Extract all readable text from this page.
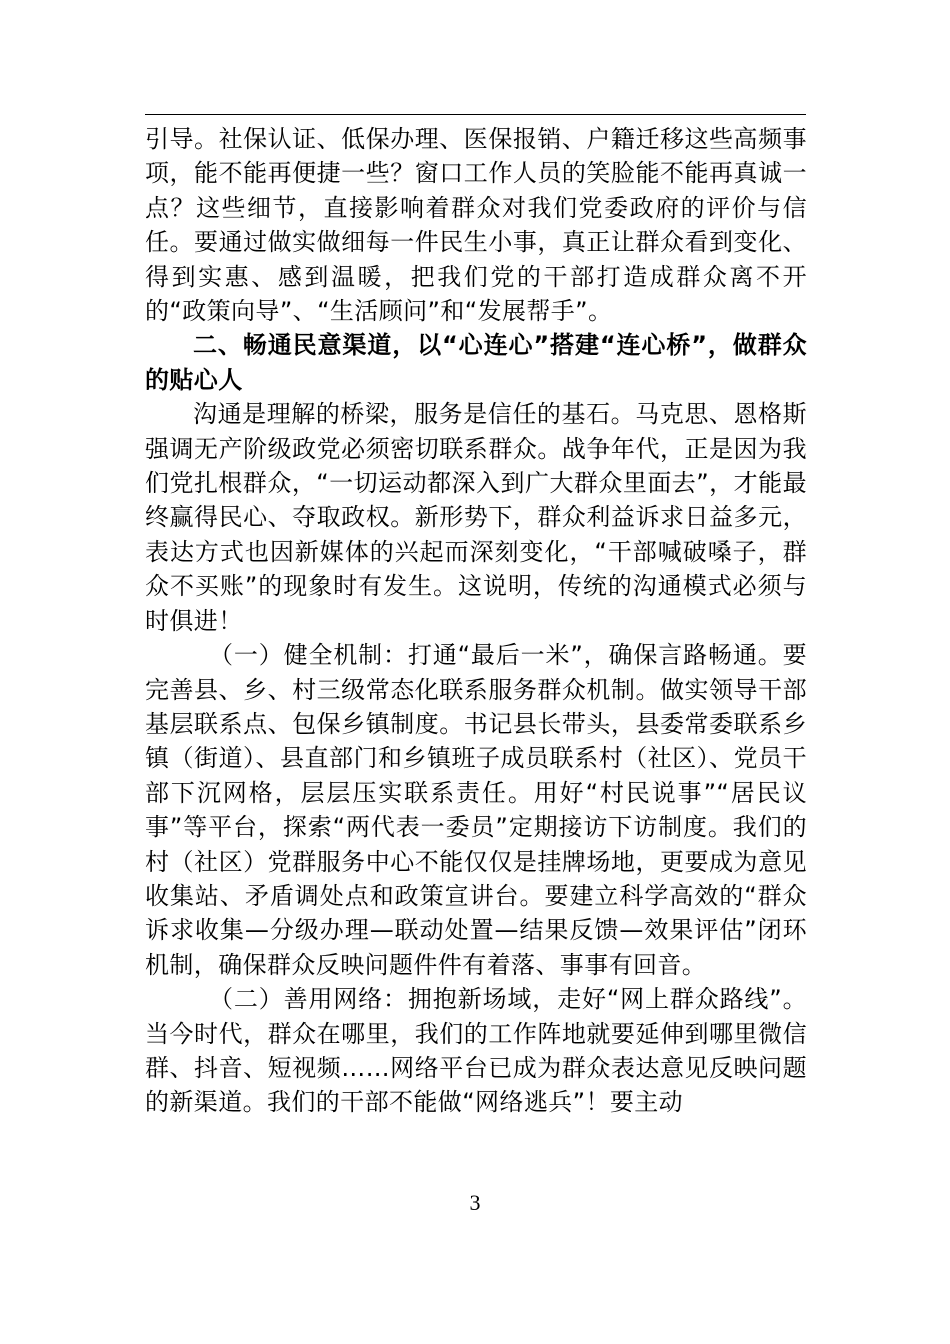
引导。社保认证、低保办理、医保报销、户籍迁移这些高频事项，能不能再便捷一些？窗口工作人员的笑脸能不能再真诚一点？这些细节，直接影响着群众对我们党委政府的评价与信任。要通过做实做细每一件民生小事，真正让群众看到变化、得到实惠、感到温暖，把我们党的干部打造成群众离不开的“政策向导”、“生活顾问”和“发展帮手”。

二、畅通民意渠道，以“心连心”搭建“连心桥”，做群众的贴心人

沟通是理解的桥梁，服务是信任的基石。马克思、恩格斯强调无产阶级政党必须密切联系群众。战争年代，正是因为我们党扎根群众，“一切运动都深入到广大群众里面去”，才能最终赢得民心、夺取政权。新形势下，群众利益诉求日益多元，表达方式也因新媒体的兴起而深刻变化，“干部喊破嗓子，群众不买账”的现象时有发生。这说明，传统的沟通模式必须与时俱进！

（一）健全机制：打通“最后一米”，确保言路畅通。要完善县、乡、村三级常态化联系服务群众机制。做实领导干部基层联系点、包保乡镇制度。书记县长带头，县委常委联系乡镇（街道）、县直部门和乡镇班子成员联系村（社区）、党员干部下沉网格，层层压实联系责任。用好“村民说事”“居民议事”等平台，探索“两代表一委员”定期接访下访制度。我们的村（社区）党群服务中心不能仅仅是挂牌场地，更要成为意见收集站、矛盾调处点和政策宣讲台。要建立科学高效的“群众诉求收集—分级办理—联动处置—结果反馈—效果评估”闭环机制，确保群众反映问题件件有着落、事事有回音。

（二）善用网络：拥抱新场域，走好“网上群众路线”。当今时代，群众在哪里，我们的工作阵地就要延伸到哪里微信群、抖音、短视频……网络平台已成为群众表达意见反映问题的新渠道。我们的干部不能做“网络逃兵”！要主动

3
